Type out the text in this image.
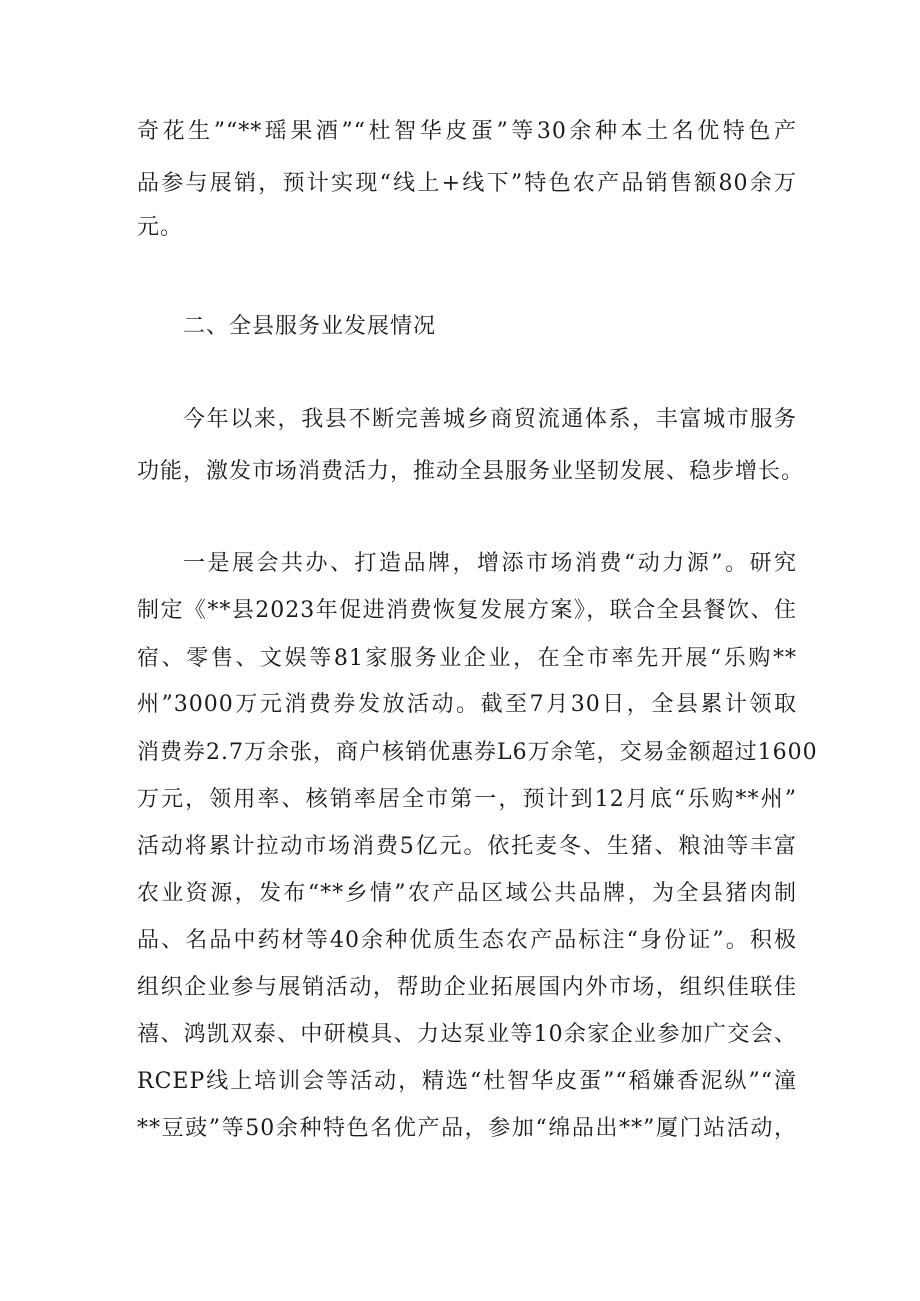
奇花生”“**瑶果酒”“杜智华皮蛋”等30余种本土名优特色产
品参与展销，预计实现“线上+线下”特色农产品销售额80余万
元。
二、全县服务业发展情况
今年以来，我县不断完善城乡商贸流通体系，丰富城市服务
功能，激发市场消费活力，推动全县服务业坚韧发展、稳步增长。
一是展会共办、打造品牌，增添市场消费“动力源”。研究
制定《**县2023年促进消费恢复发展方案》，联合全县餐饮、住
宿、零售、文娱等81家服务业企业，在全市率先开展“乐购**
州”3000万元消费券发放活动。截至7月30日，全县累计领取
消费券2.7万余张，商户核销优惠券L6万余笔，交易金额超过1600
万元，领用率、核销率居全市第一，预计到12月底“乐购**州”
活动将累计拉动市场消费5亿元。依托麦冬、生猪、粮油等丰富
农业资源，发布“**乡情”农产品区域公共品牌，为全县猪肉制
品、名品中药材等40余种优质生态农产品标注“身份证”。积极
组织企业参与展销活动，帮助企业拓展国内外市场，组织佳联佳
禧、鸿凯双泰、中研模具、力达泵业等10余家企业参加广交会、
RCEP线上培训会等活动，精选“杜智华皮蛋”“稻嫌香泥纵”“潼
**豆豉”等50余种特色名优产品，参加“绵品出**”厦门站活动，
